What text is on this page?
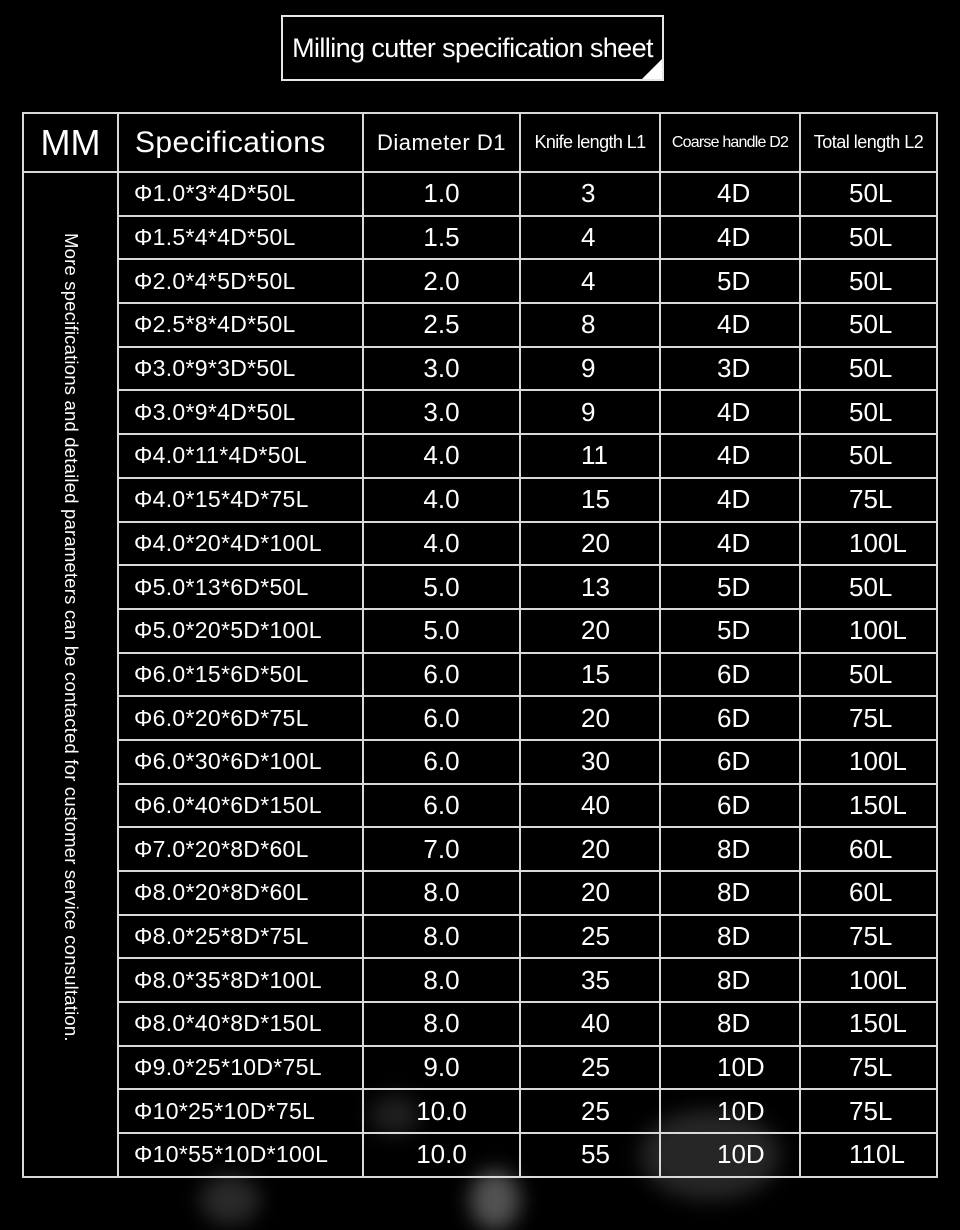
Milling cutter specification sheet
MM	Specifications	Diameter D1	Knife length L1	Coarse handle D2	Total length L2

More specifications and detailed parameters can be contacted for customer service consultation.	Φ1.0*3*4D*50L	1.0	3	4D	50L
	Φ1.5*4*4D*50L	1.5	4	4D	50L
	Φ2.0*4*5D*50L	2.0	4	5D	50L
	Φ2.5*8*4D*50L	2.5	8	4D	50L
	Φ3.0*9*3D*50L	3.0	9	3D	50L
	Φ3.0*9*4D*50L	3.0	9	4D	50L
	Φ4.0*11*4D*50L	4.0	11	4D	50L
	Φ4.0*15*4D*75L	4.0	15	4D	75L
	Φ4.0*20*4D*100L	4.0	20	4D	100L
	Φ5.0*13*6D*50L	5.0	13	5D	50L
	Φ5.0*20*5D*100L	5.0	20	5D	100L
	Φ6.0*15*6D*50L	6.0	15	6D	50L
	Φ6.0*20*6D*75L	6.0	20	6D	75L
	Φ6.0*30*6D*100L	6.0	30	6D	100L
	Φ6.0*40*6D*150L	6.0	40	6D	150L
	Φ7.0*20*8D*60L	7.0	20	8D	60L
	Φ8.0*20*8D*60L	8.0	20	8D	60L
	Φ8.0*25*8D*75L	8.0	25	8D	75L
	Φ8.0*35*8D*100L	8.0	35	8D	100L
	Φ8.0*40*8D*150L	8.0	40	8D	150L
	Φ9.0*25*10D*75L	9.0	25	10D	75L
	Φ10*25*10D*75L	10.0	25	10D	75L
	Φ10*55*10D*100L	10.0	55	10D	110L
